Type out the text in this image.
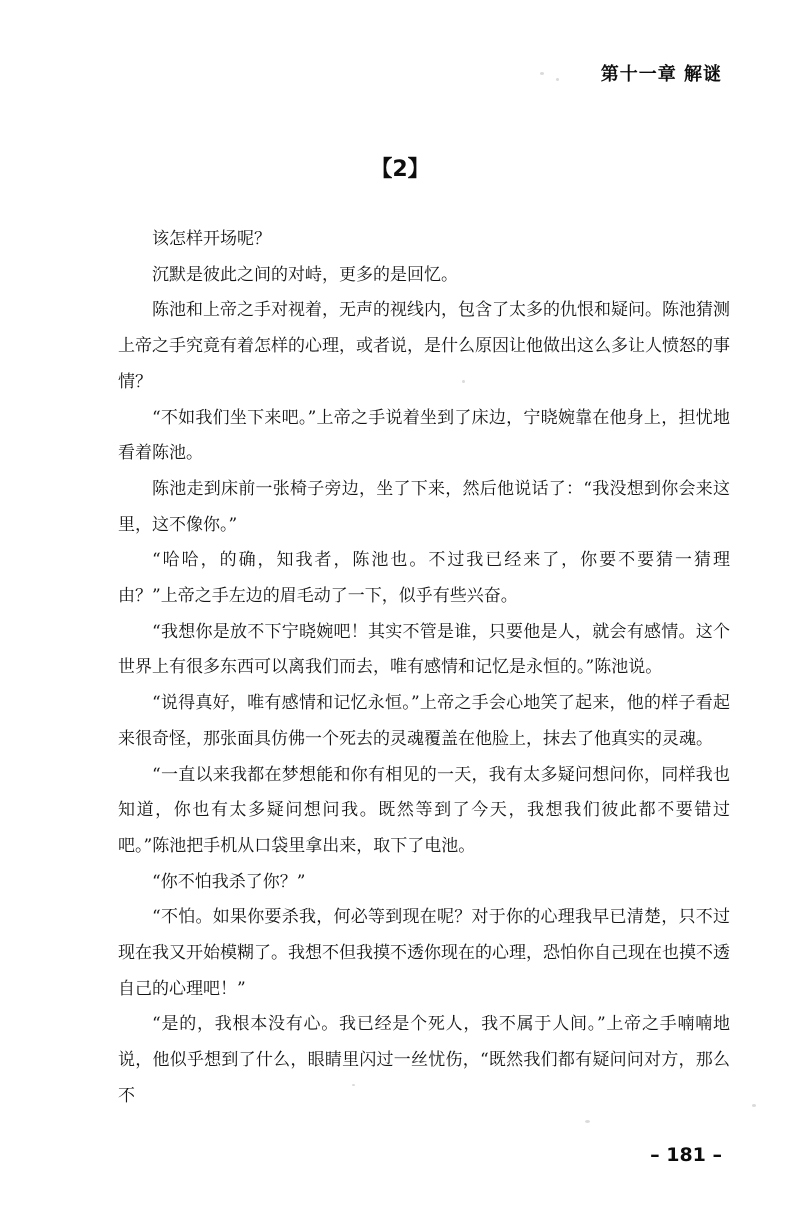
第十一章 解谜
【2】

该怎样开场呢？

沉默是彼此之间的对峙，更多的是回忆。

陈池和上帝之手对视着，无声的视线内，包含了太多的仇恨和疑问。陈池猜测上帝之手究竟有着怎样的心理，或者说，是什么原因让他做出这么多让人愤怒的事情？

“不如我们坐下来吧。”上帝之手说着坐到了床边，宁晓婉靠在他身上，担忧地看着陈池。

陈池走到床前一张椅子旁边，坐了下来，然后他说话了：“我没想到你会来这里，这不像你。”

“哈哈，的确，知我者，陈池也。不过我已经来了，你要不要猜一猜理由？”上帝之手左边的眉毛动了一下，似乎有些兴奋。

“我想你是放不下宁晓婉吧！其实不管是谁，只要他是人，就会有感情。这个世界上有很多东西可以离我们而去，唯有感情和记忆是永恒的。”陈池说。

“说得真好，唯有感情和记忆永恒。”上帝之手会心地笑了起来，他的样子看起来很奇怪，那张面具仿佛一个死去的灵魂覆盖在他脸上，抹去了他真实的灵魂。

“一直以来我都在梦想能和你有相见的一天，我有太多疑问想问你，同样我也知道，你也有太多疑问想问我。既然等到了今天，我想我们彼此都不要错过吧。”陈池把手机从口袋里拿出来，取下了电池。

“你不怕我杀了你？”

“不怕。如果你要杀我，何必等到现在呢？对于你的心理我早已清楚，只不过现在我又开始模糊了。我想不但我摸不透你现在的心理，恐怕你自己现在也摸不透自己的心理吧！”

“是的，我根本没有心。我已经是个死人，我不属于人间。”上帝之手喃喃地说，他似乎想到了什么，眼睛里闪过一丝忧伤，“既然我们都有疑问问对方，那么不

– 181 –
